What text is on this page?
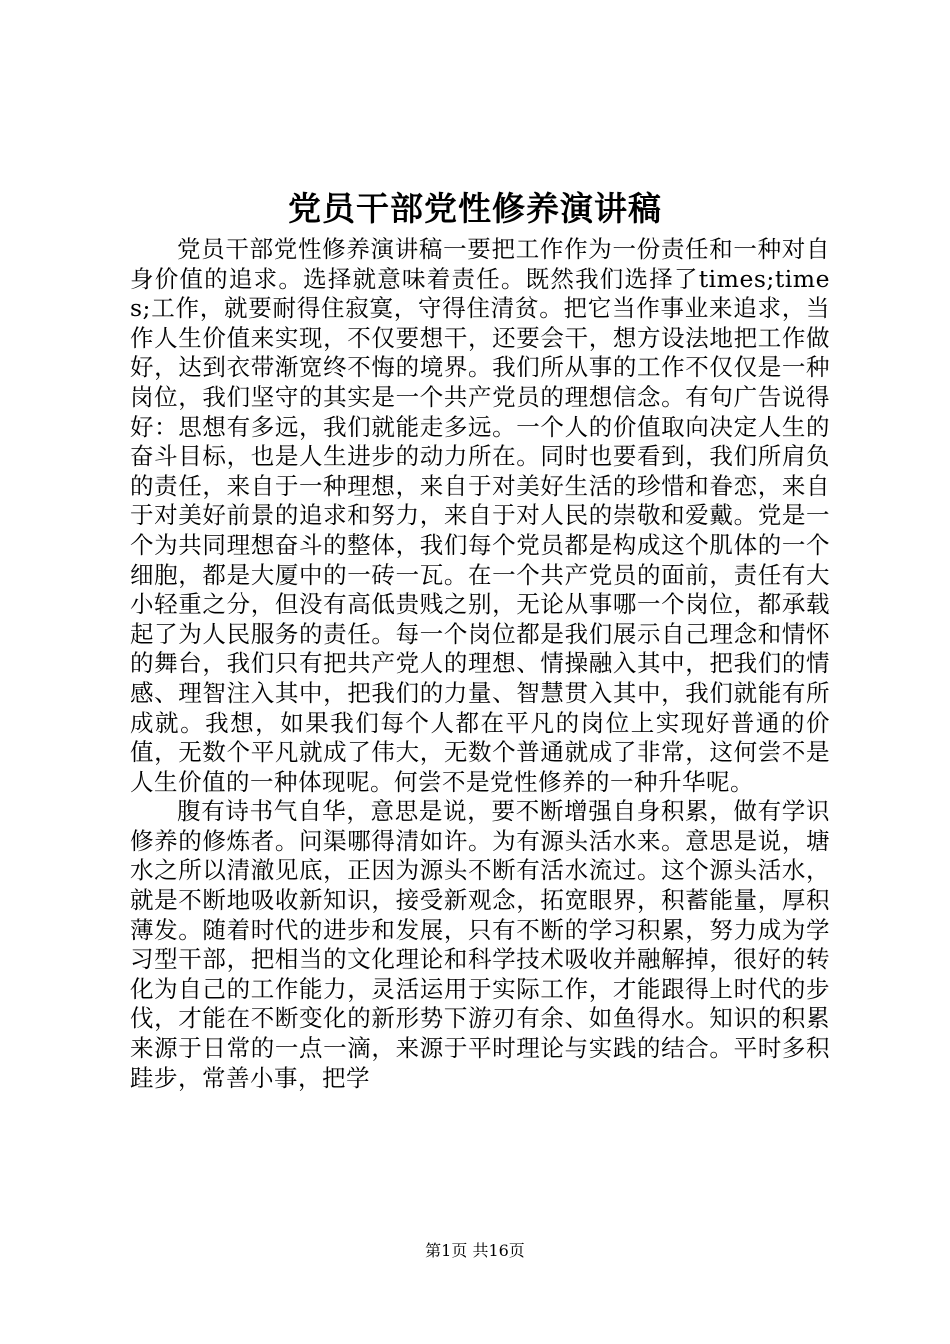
党员干部党性修养演讲稿

党员干部党性修养演讲稿一要把工作作为一份责任和一种对自身价值的追求。选择就意味着责任。既然我们选择了times;times;工作，就要耐得住寂寞，守得住清贫。把它当作事业来追求，当作人生价值来实现，不仅要想干，还要会干，想方设法地把工作做好，达到衣带渐宽终不悔的境界。我们所从事的工作不仅仅是一种岗位，我们坚守的其实是一个共产党员的理想信念。有句广告说得好：思想有多远，我们就能走多远。一个人的价值取向决定人生的奋斗目标，也是人生进步的动力所在。同时也要看到，我们所肩负的责任，来自于一种理想，来自于对美好生活的珍惜和眷恋，来自于对美好前景的追求和努力，来自于对人民的崇敬和爱戴。党是一个为共同理想奋斗的整体，我们每个党员都是构成这个肌体的一个细胞，都是大厦中的一砖一瓦。在一个共产党员的面前，责任有大小轻重之分，但没有高低贵贱之别，无论从事哪一个岗位，都承载起了为人民服务的责任。每一个岗位都是我们展示自己理念和情怀的舞台，我们只有把共产党人的理想、情操融入其中，把我们的情感、理智注入其中，把我们的力量、智慧贯入其中，我们就能有所成就。我想，如果我们每个人都在平凡的岗位上实现好普通的价值，无数个平凡就成了伟大，无数个普通就成了非常，这何尝不是人生价值的一种体现呢。何尝不是党性修养的一种升华呢。

腹有诗书气自华，意思是说，要不断增强自身积累，做有学识修养的修炼者。问渠哪得清如许。为有源头活水来。意思是说，塘水之所以清澈见底，正因为源头不断有活水流过。这个源头活水，就是不断地吸收新知识，接受新观念，拓宽眼界，积蓄能量，厚积薄发。随着时代的进步和发展，只有不断的学习积累，努力成为学习型干部，把相当的文化理论和科学技术吸收并融解掉，很好的转化为自己的工作能力，灵活运用于实际工作，才能跟得上时代的步伐，才能在不断变化的新形势下游刃有余、如鱼得水。知识的积累来源于日常的一点一滴，来源于平时理论与实践的结合。平时多积跬步，常善小事，把学

第1页 共16页
